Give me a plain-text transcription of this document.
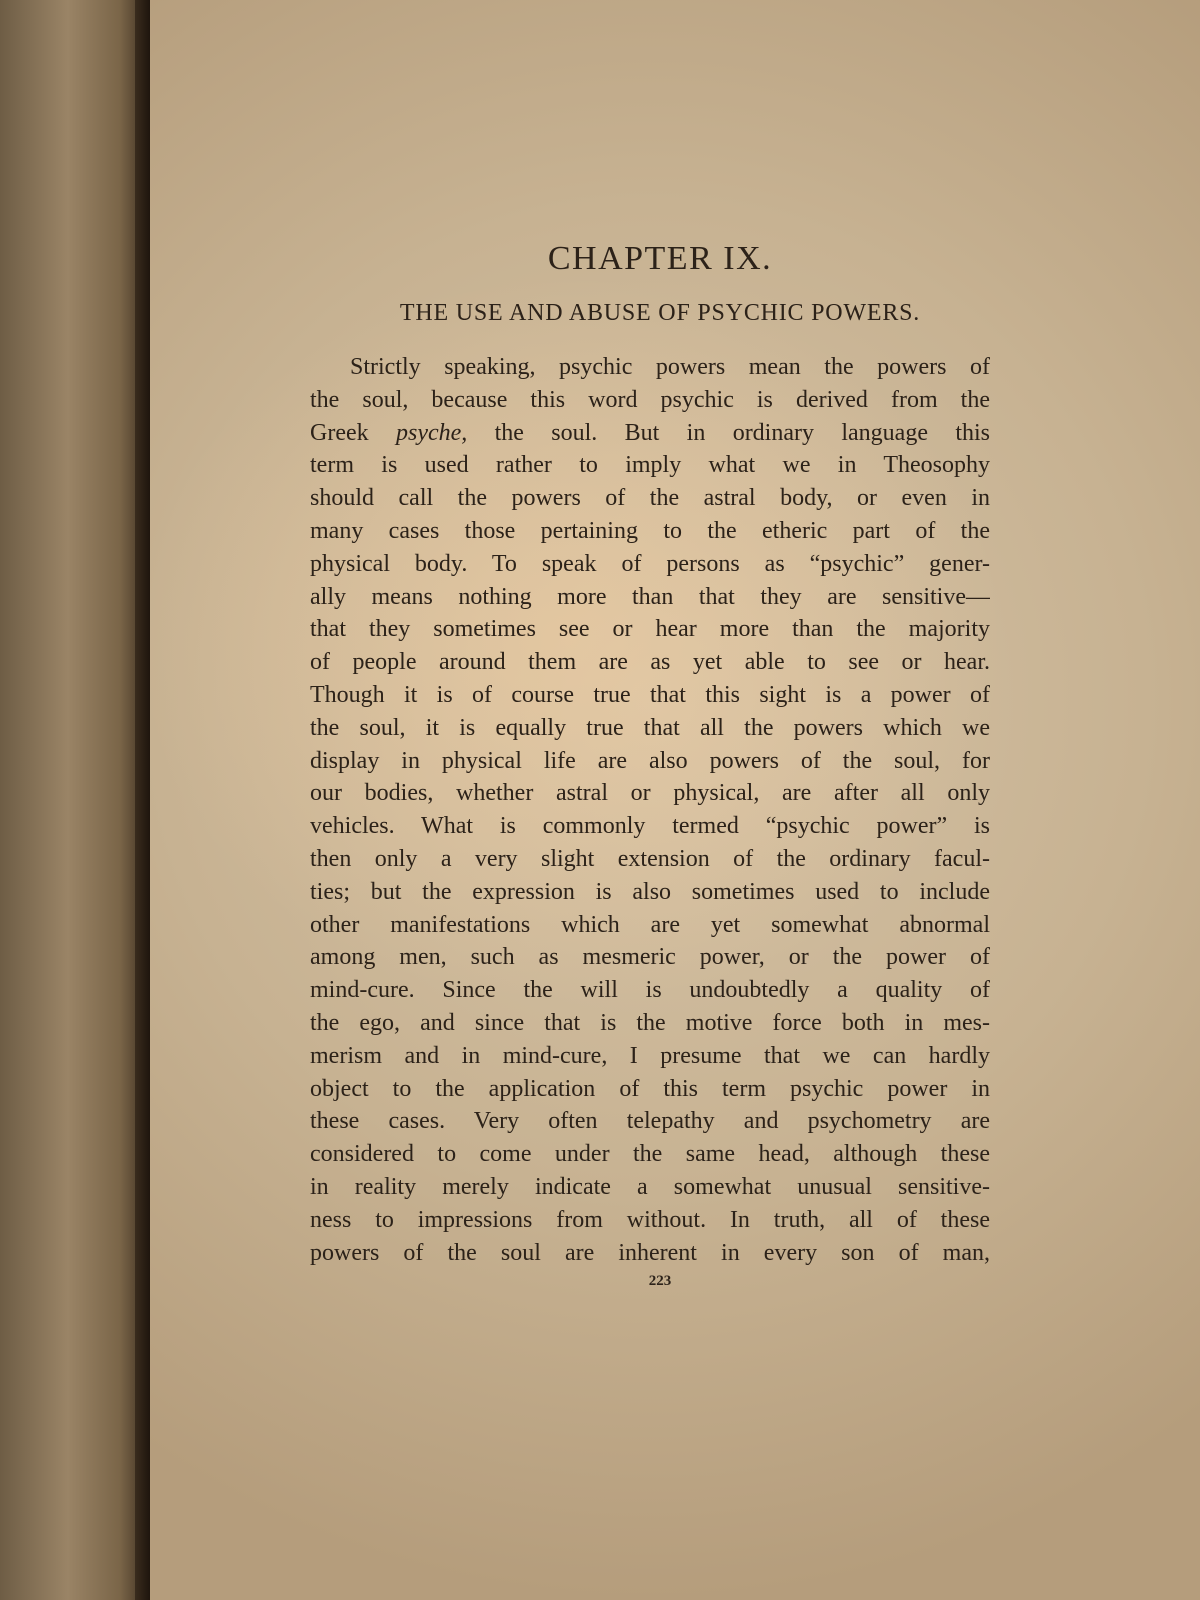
CHAPTER IX.
THE USE AND ABUSE OF PSYCHIC POWERS.
Strictly speaking, psychic powers mean the powers of
the soul, because this word psychic is derived from the
Greek psyche, the soul. But in ordinary language this
term is used rather to imply what we in Theosophy
should call the powers of the astral body, or even in
many cases those pertaining to the etheric part of the
physical body. To speak of persons as “psychic” gener-
ally means nothing more than that they are sensitive—
that they sometimes see or hear more than the majority
of people around them are as yet able to see or hear.
Though it is of course true that this sight is a power of
the soul, it is equally true that all the powers which we
display in physical life are also powers of the soul, for
our bodies, whether astral or physical, are after all only
vehicles. What is commonly termed “psychic power” is
then only a very slight extension of the ordinary facul-
ties; but the expression is also sometimes used to include
other manifestations which are yet somewhat abnormal
among men, such as mesmeric power, or the power of
mind-cure. Since the will is undoubtedly a quality of
the ego, and since that is the motive force both in mes-
merism and in mind-cure, I presume that we can hardly
object to the application of this term psychic power in
these cases. Very often telepathy and psychometry are
considered to come under the same head, although these
in reality merely indicate a somewhat unusual sensitive-
ness to impressions from without. In truth, all of these
powers of the soul are inherent in every son of man,
223
